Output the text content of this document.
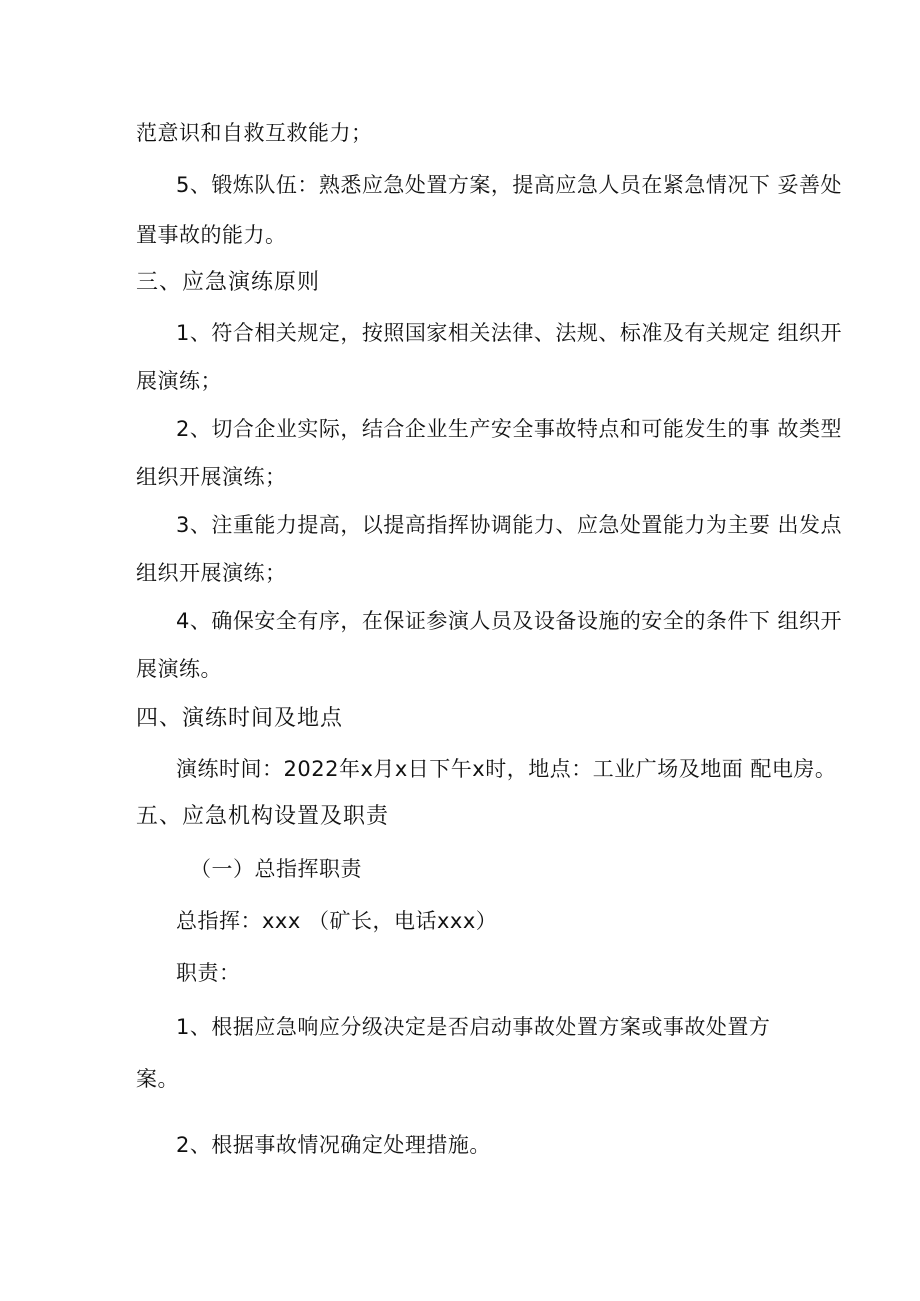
范意识和自救互救能力；
5、锻炼队伍：熟悉应急处置方案，提高应急人员在紧急情况下 妥善处
置事故的能力。
三、应急演练原则
1、符合相关规定，按照国家相关法律、法规、标准及有关规定 组织开
展演练；
2、切合企业实际，结合企业生产安全事故特点和可能发生的事 故类型
组织开展演练；
3、注重能力提高，以提高指挥协调能力、应急处置能力为主要 出发点
组织开展演练；
4、确保安全有序，在保证参演人员及设备设施的安全的条件下 组织开
展演练。
四、演练时间及地点
演练时间：2022年x月x日下午x时，地点：工业广场及地面 配电房。
五、应急机构设置及职责
（一）总指挥职责
总指挥：xxx （矿长，电话xxx）
职责：
1、根据应急响应分级决定是否启动事故处置方案或事故处置方
案。
2、根据事故情况确定处理措施。
